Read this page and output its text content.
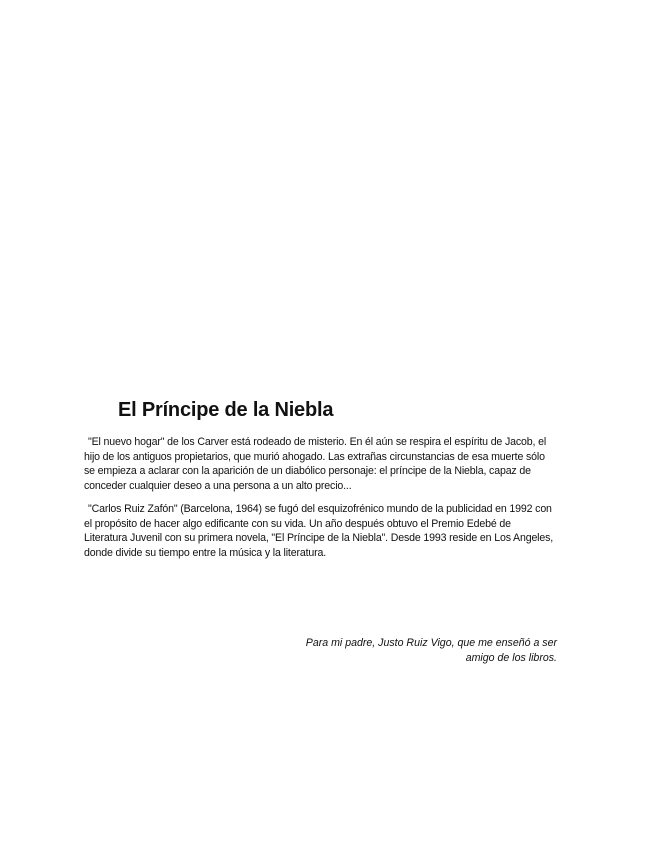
El Príncipe de la Niebla

"El nuevo hogar" de los Carver está rodeado de misterio. En él aún se respira el espíritu de Jacob, el hijo de los antiguos propietarios, que murió ahogado. Las extrañas circunstancias de esa muerte sólo se empieza a aclarar con la aparición de un diabólico personaje: el príncipe de la Niebla, capaz de conceder cualquier deseo a una persona a un alto precio...

"Carlos Ruiz Zafón" (Barcelona, 1964) se fugó del esquizofrénico mundo de la publicidad en 1992 con el propósito de hacer algo edificante con su vida. Un año después obtuvo el Premio Edebé de Literatura Juvenil con su primera novela, "El Príncipe de la Niebla". Desde 1993 reside en Los Angeles, donde divide su tiempo entre la música y la literatura.

Para mi padre, Justo Ruiz Vigo, que me enseñó a ser
amigo de los libros.
